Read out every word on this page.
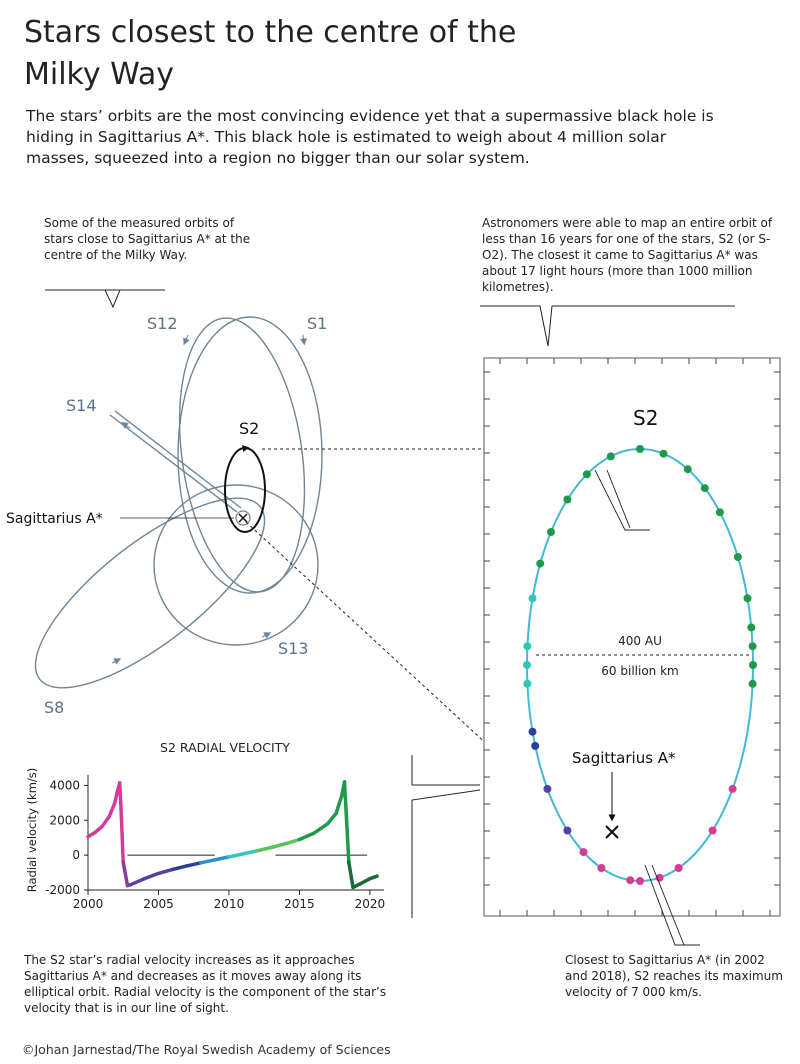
Stars closest to the centre of the Milky Way
The stars’ orbits are the most convincing evidence yet that a supermassive black hole is hiding in Sagittarius A*. This black hole is estimated to weigh about 4 million solar masses, squeezed into a region no bigger than our solar system.
Some of the measured orbits of stars close to Sagittarius A* at the centre of the Milky Way.
Astronomers were able to map an entire orbit of less than 16 years for one of the stars, S2 (or S-O2). The closest it came to Sagittarius A* was about 17 light hours (more than 1000 million kilometres).
The S2 star’s radial velocity increases as it approaches Sagittarius A* and decreases as it moves away along its elliptical orbit. Radial velocity is the component of the star’s velocity that is in our line of sight.
Closest to Sagittarius A* (in 2002 and 2018), S2 reaches its maximum velocity of 7 000 km/s.
©Johan Jarnestad/The Royal Swedish Academy of Sciences
S12	S1
S14
S2
S13
S8
Sagittarius A*
S2
400 AU
60 billion km
Sagittarius A*
S2 RADIAL VELOCITY
Radial velocity (km/s)
2000	2005	2010	2015	2020
4000
2000
0
-2000
